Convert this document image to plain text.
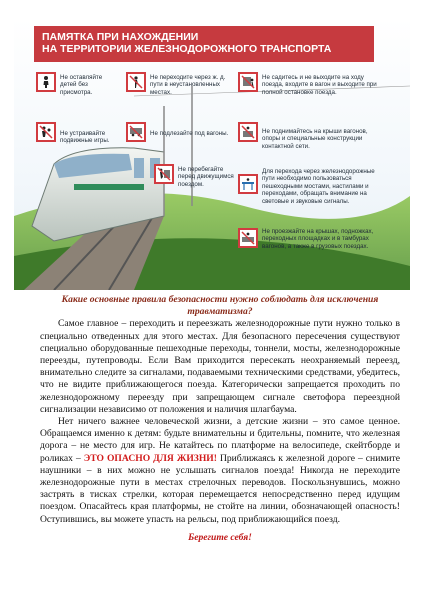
ПАМЯТКА ПРИ НАХОЖДЕНИИ
НА ТЕРРИТОРИИ ЖЕЛЕЗНОДОРОЖНОГО ТРАНСПОРТА
Не оставляйте детей без присмотра.
Не переходите через ж. д. пути в неустановленных местах.
Не садитесь и не выходите на ходу поезда, входите в вагон и выходите при полной остановке поезда.
Не устраивайте подвижные игры.
Не подлезайте под вагоны.	Не поднимайтесь на крыши вагонов, опоры и специальные конструкции контактной сети.
Не перебегайте перед движущимся поездом.
Для перехода через железнодорожные пути необходимо пользоваться пешеходными мостами, настилами и переходами, обращать внимание на световые и звуковые сигналы.
Не проезжайте на крышах, подножках, переходных площадках и в тамбурах вагонов, а также в грузовых поездах.
Какие основные правила безопасности нужно соблюдать для исключения травматизма?

Самое главное – переходить и переезжать железнодорожные пути нужно только в специально отведенных для этого местах. Для безопасного пересечения существуют специально оборудованные пешеходные переходы, тоннели, мосты, железнодорожные переезды, путепроводы. Если Вам приходится пересекать неохраняемый переезд, внимательно следите за сигналами, подаваемыми техническими средствами, убедитесь, что не видите приближающегося поезда. Категорически запрещается проходить по железнодорожному переезду при запрещающем сигнале светофора переездной сигнализации независимо от положения и наличия шлагбаума.

Нет ничего важнее человеческой жизни, а детские жизни – это самое ценное. Обращаемся именно к детям: будьте внимательны и бдительны, помните, что железная дорога – не место для игр. Не катайтесь по платформе на велосипеде, скейтборде и роликах – ЭТО ОПАСНО ДЛЯ ЖИЗНИ! Приближаясь к железной дороге – снимите наушники – в них можно не услышать сигналов поезда! Никогда не переходите железнодорожные пути в местах стрелочных переводов. Поскользнувшись, можно застрять в тисках стрелки, которая перемещается непосредственно перед идущим поездом. Опасайтесь края платформы, не стойте на линии, обозначающей опасность! Оступившись, вы можете упасть на рельсы, под приближающийся поезд.

Берегите себя!
